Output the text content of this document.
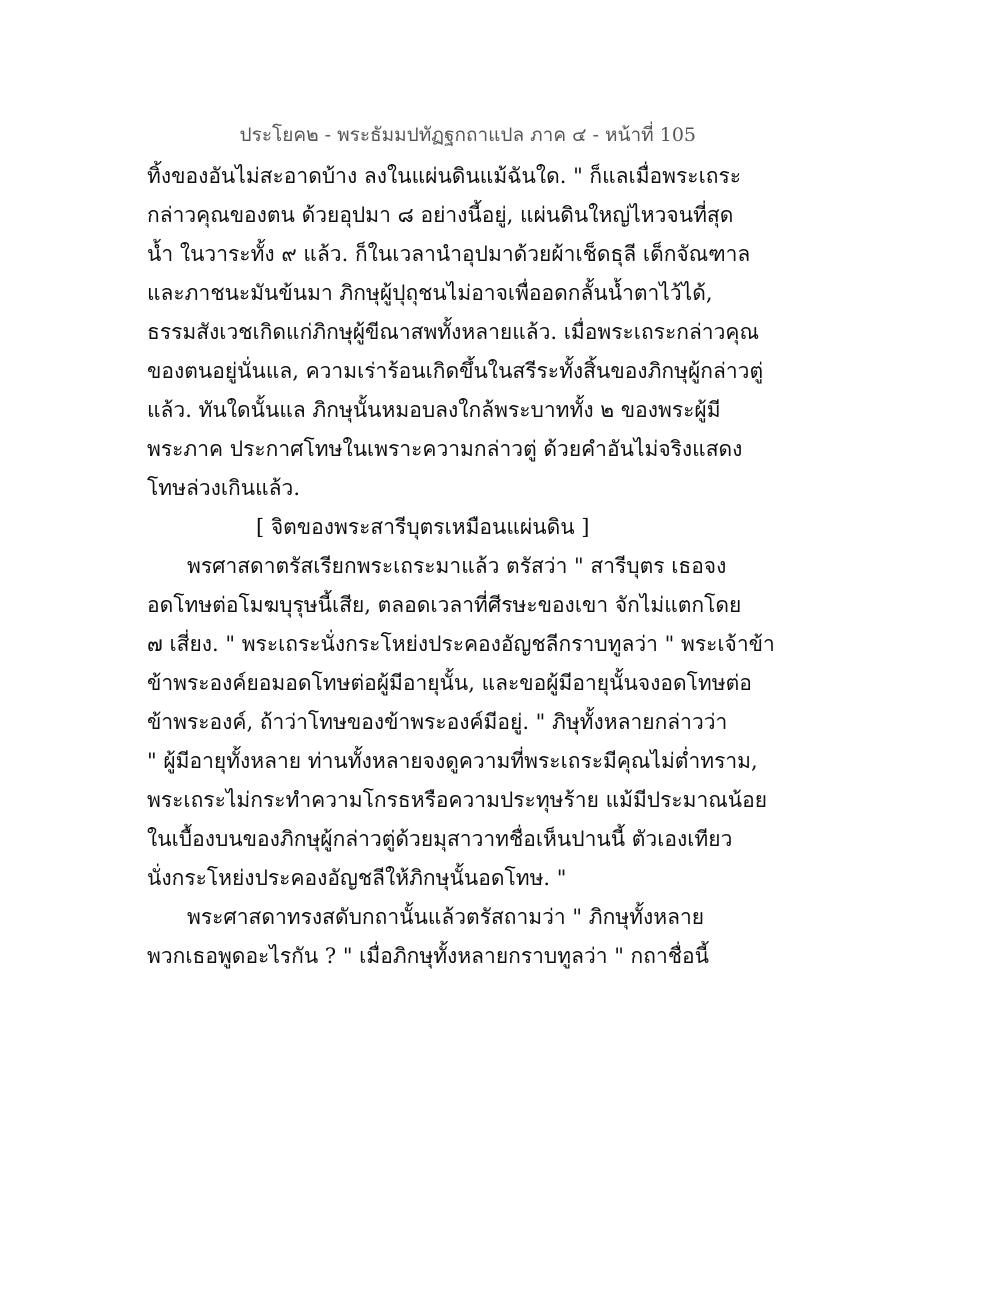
ประโยค๒ - พระธัมมปทัฏฐกถาแปล ภาค ๔ - หน้าที่ 105
ทิ้งของอันไม่สะอาดบ้าง ลงในแผ่นดินแม้ฉันใด. " ก็แลเมื่อพระเถระ
กล่าวคุณของตน ด้วยอุปมา ๘ อย่างนี้อยู่, แผ่นดินใหญ่ไหวจนที่สุด
น้ำ ในวาระทั้ง ๙ แล้ว. ก็ในเวลานำอุปมาด้วยผ้าเช็ดธุลี เด็กจัณฑาล
และภาชนะมันข้นมา ภิกษุผู้ปุถุชนไม่อาจเพื่ออดกลั้นน้ำตาไว้ได้,
ธรรมสังเวชเกิดแก่ภิกษุผู้ขีณาสพทั้งหลายแล้ว. เมื่อพระเถระกล่าวคุณ
ของตนอยู่นั่นแล, ความเร่าร้อนเกิดขึ้นในสรีระทั้งสิ้นของภิกษุผู้กล่าวตู่
แล้ว. ทันใดนั้นแล ภิกษุนั้นหมอบลงใกล้พระบาททั้ง ๒ ของพระผู้มี
พระภาค ประกาศโทษในเพราะความกล่าวตู่ ด้วยคำอันไม่จริงแสดง
โทษล่วงเกินแล้ว.
[ จิตของพระสารีบุตรเหมือนแผ่นดิน ]
พรศาสดาตรัสเรียกพระเถระมาแล้ว ตรัสว่า " สารีบุตร เธอจง
อดโทษต่อโมฆบุรุษนี้เสีย, ตลอดเวลาที่ศีรษะของเขา จักไม่แตกโดย
๗ เสี่ยง. " พระเถระนั่งกระโหย่งประคองอัญชลีกราบทูลว่า " พระเจ้าข้า
ข้าพระองค์ยอมอดโทษต่อผู้มีอายุนั้น, และขอผู้มีอายุนั้นจงอดโทษต่อ
ข้าพระองค์, ถ้าว่าโทษของข้าพระองค์มีอยู่. " ภิษุทั้งหลายกล่าวว่า
" ผู้มีอายุทั้งหลาย ท่านทั้งหลายจงดูความที่พระเถระมีคุณไม่ต่ำทราม,
พระเถระไม่กระทำความโกรธหรือความประทุษร้าย แม้มีประมาณน้อย
ในเบื้องบนของภิกษุผู้กล่าวตู่ด้วยมุสาวาทชื่อเห็นปานนี้ ตัวเองเทียว
นั่งกระโหย่งประคองอัญชลีให้ภิกษุนั้นอดโทษ. "
พระศาสดาทรงสดับกถานั้นแล้วตรัสถามว่า " ภิกษุทั้งหลาย
พวกเธอพูดอะไรกัน ? " เมื่อภิกษุทั้งหลายกราบทูลว่า " กถาชื่อนี้
